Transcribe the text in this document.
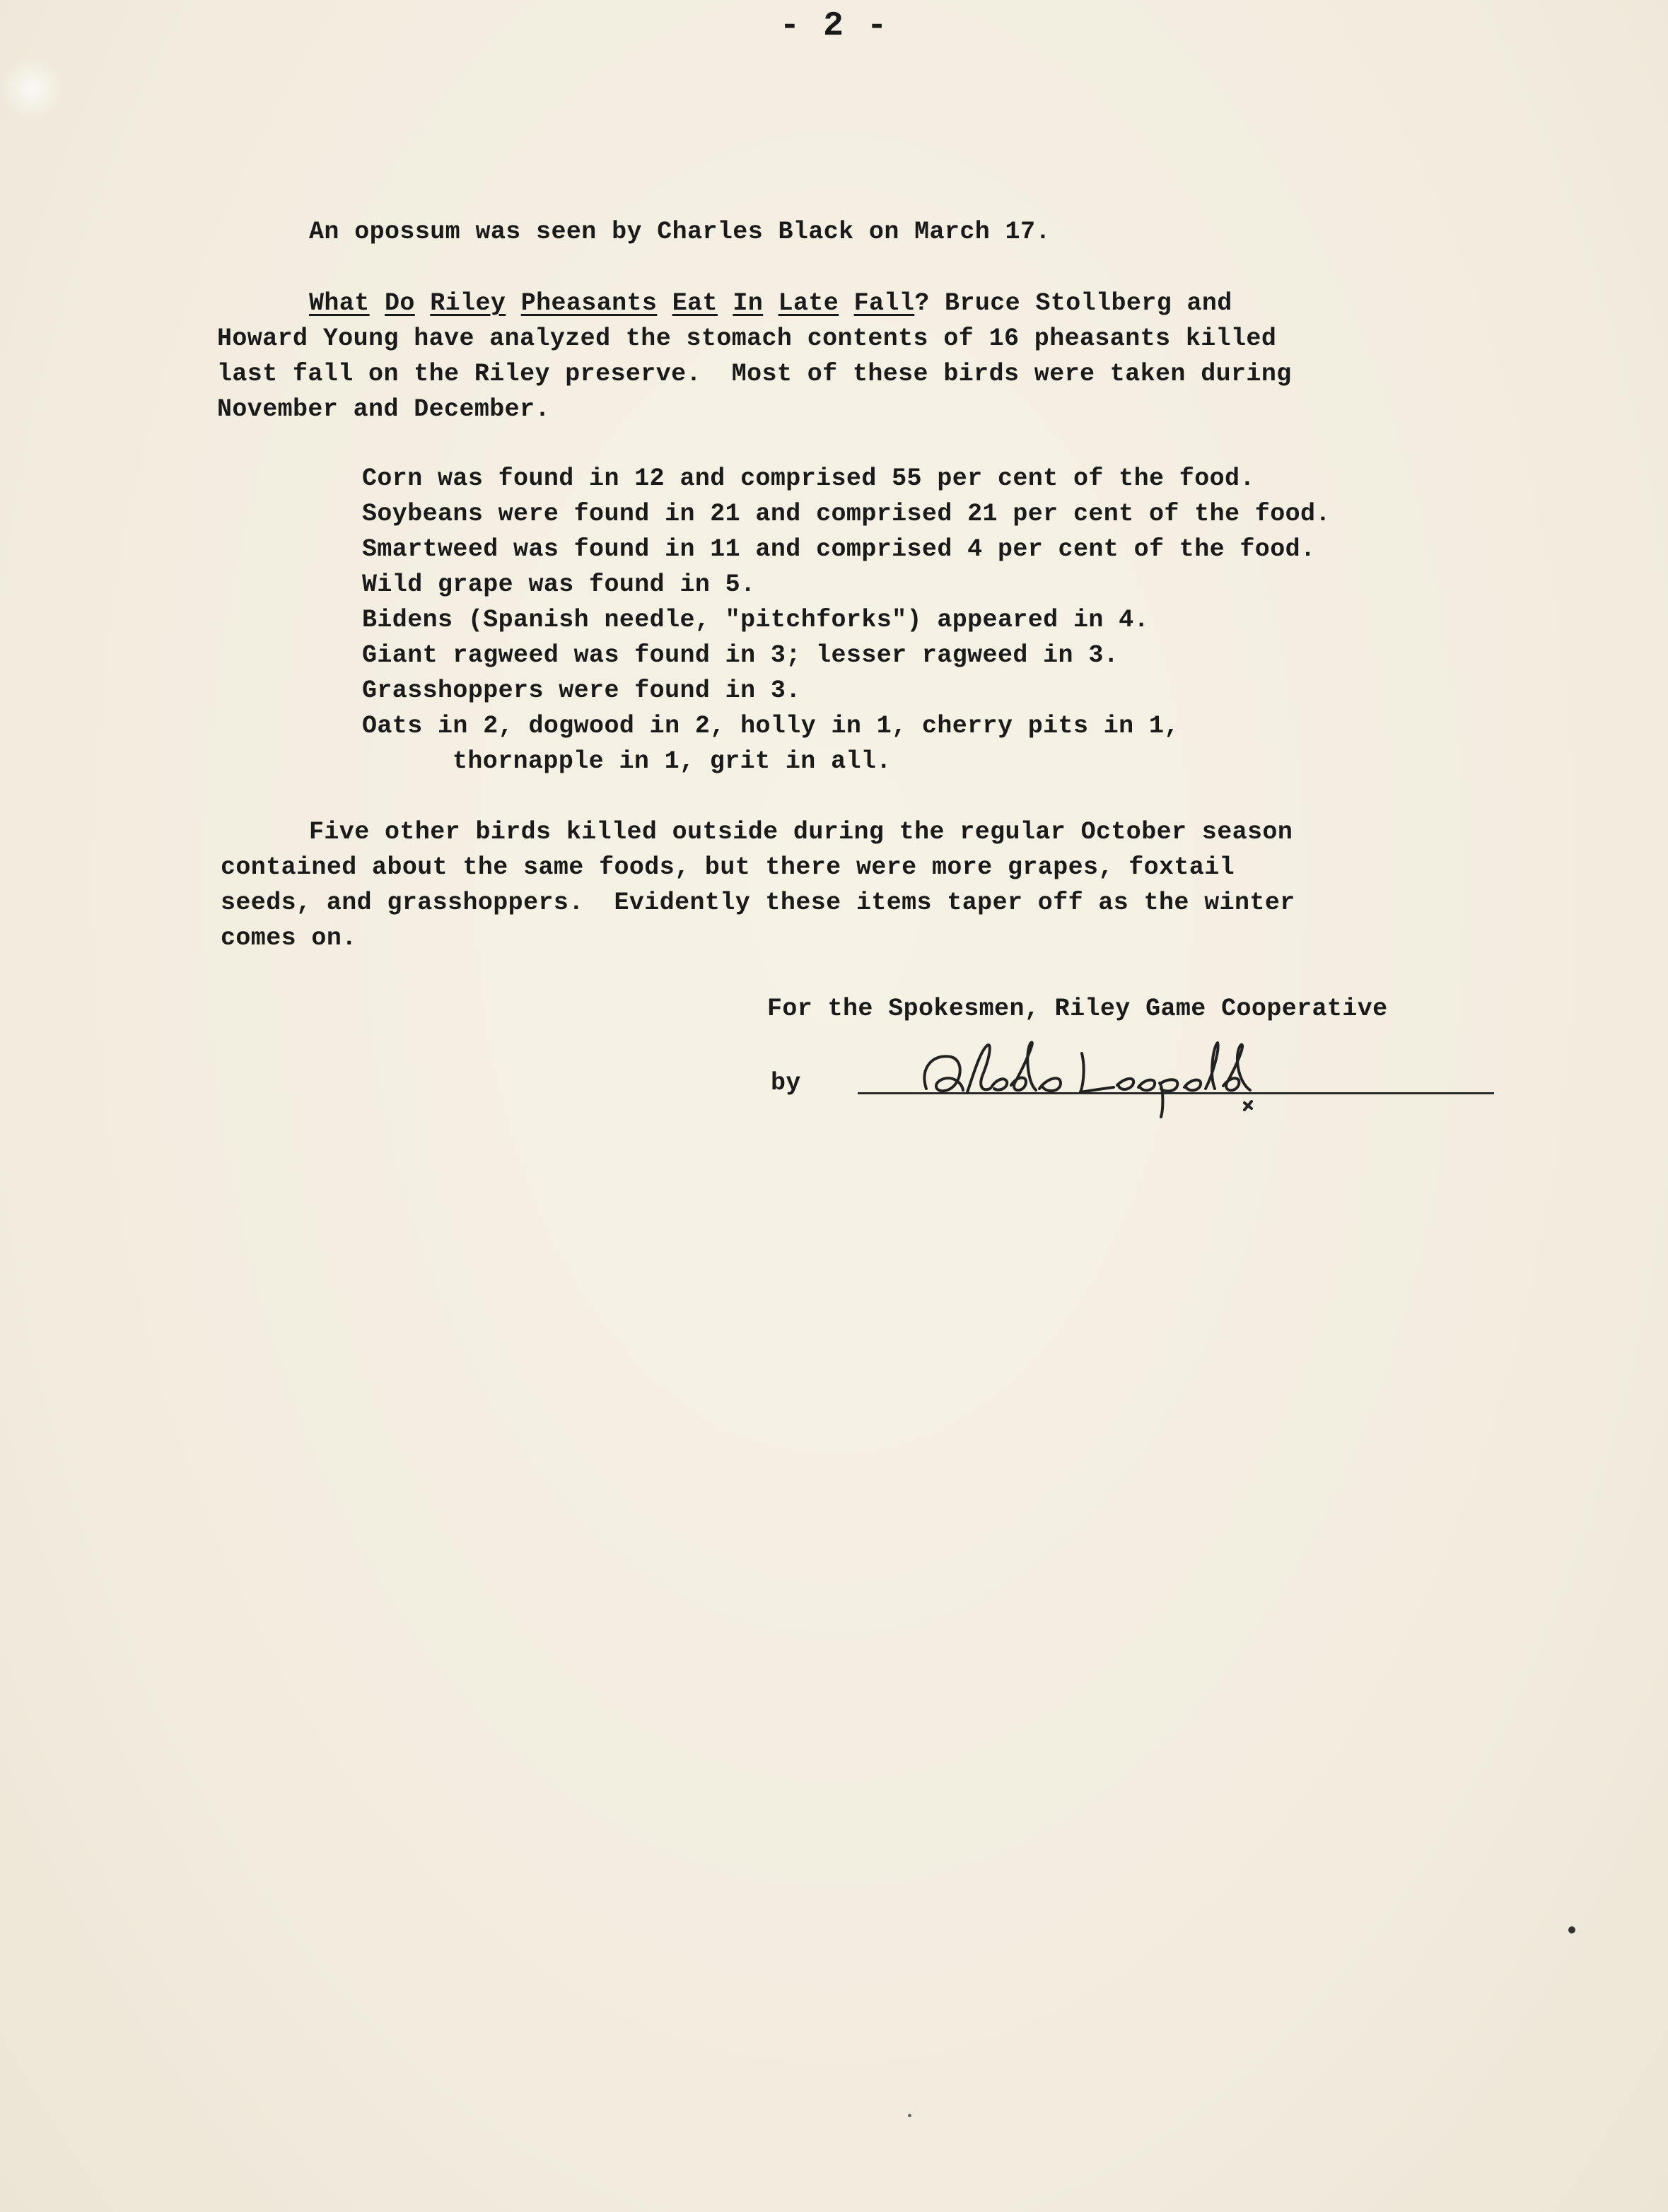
- 2 -
An opossum was seen by Charles Black on March 17.
What Do Riley Pheasants Eat In Late Fall? Bruce Stollberg and
Howard Young have analyzed the stomach contents of 16 pheasants killed
last fall on the Riley preserve.  Most of these birds were taken during
November and December.
Corn was found in 12 and comprised 55 per cent of the food.
Soybeans were found in 21 and comprised 21 per cent of the food.
Smartweed was found in 11 and comprised 4 per cent of the food.
Wild grape was found in 5.
Bidens (Spanish needle, "pitchforks") appeared in 4.
Giant ragweed was found in 3; lesser ragweed in 3.
Grasshoppers were found in 3.
Oats in 2, dogwood in 2, holly in 1, cherry pits in 1,
thornapple in 1, grit in all.
Five other birds killed outside during the regular October season
contained about the same foods, but there were more grapes, foxtail
seeds, and grasshoppers.  Evidently these items taper off as the winter
comes on.
For the Spokesmen, Riley Game Cooperative
by
